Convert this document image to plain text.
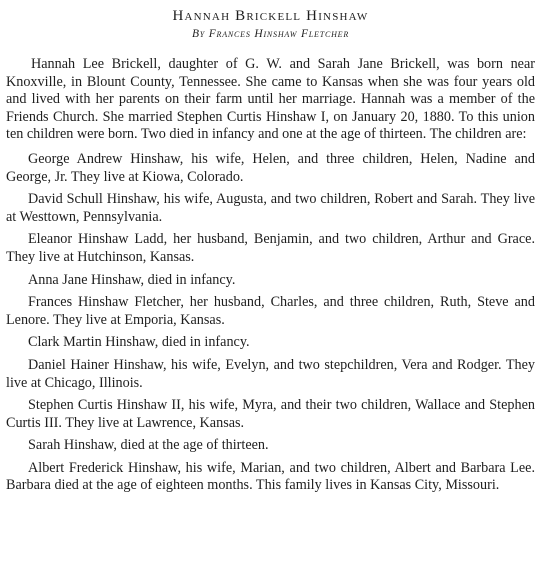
Hannah Brickell Hinshaw
By Frances Hinshaw Fletcher

Hannah Lee Brickell, daughter of G. W. and Sarah Jane Brickell, was born near Knoxville, in Blount County, Tennessee. She came to Kansas when she was four years old and lived with her parents on their farm until her marriage. Hannah was a member of the Friends Church. She married Stephen Curtis Hinshaw I, on January 20, 1880. To this union ten children were born. Two died in infancy and one at the age of thirteen. The children are:

George Andrew Hinshaw, his wife, Helen, and three children, Helen, Nadine and George, Jr. They live at Kiowa, Colorado.

David Schull Hinshaw, his wife, Augusta, and two children, Robert and Sarah. They live at Westtown, Pennsylvania.

Eleanor Hinshaw Ladd, her husband, Benjamin, and two children, Arthur and Grace. They live at Hutchinson, Kansas.

Anna Jane Hinshaw, died in infancy.

Frances Hinshaw Fletcher, her husband, Charles, and three children, Ruth, Steve and Lenore. They live at Emporia, Kansas.

Clark Martin Hinshaw, died in infancy.

Daniel Hainer Hinshaw, his wife, Evelyn, and two stepchildren, Vera and Rodger. They live at Chicago, Illinois.

Stephen Curtis Hinshaw II, his wife, Myra, and their two children, Wallace and Stephen Curtis III. They live at Lawrence, Kansas.

Sarah Hinshaw, died at the age of thirteen.

Albert Frederick Hinshaw, his wife, Marian, and two children, Albert and Barbara Lee. Barbara died at the age of eighteen months. This family lives in Kansas City, Missouri.
